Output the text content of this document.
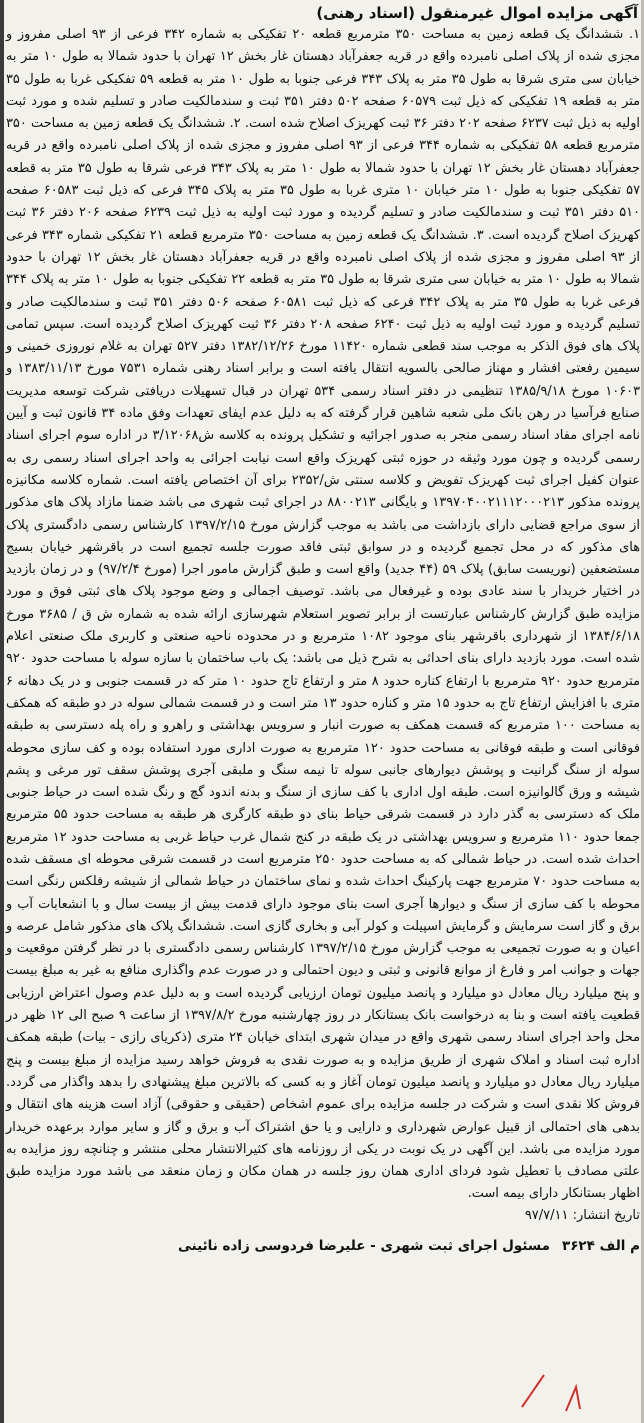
آگهی مزایده اموال غیرمنقول (اسناد رهنی)

۱. ششدانگ یک قطعه زمین به مساحت ۳۵۰ مترمربع قطعه ۲۰ تفکیکی به شماره ۳۴۲ فرعی از ۹۳ اصلی مفروز و مجزی شده از پلاک اصلی نامبرده واقع در قریه جعفرآباد دهستان غار بخش ۱۲ تهران با حدود شمالا به طول ۱۰ متر به خیابان سی متری شرقا به طول ۳۵ متر به پلاک ۳۴۳ فرعی جنوبا به طول ۱۰ متر به قطعه ۵۹ تفکیکی غربا به طول ۳۵ متر به قطعه ۱۹ تفکیکی که ذیل ثبت ۶۰۵۷۹ صفحه ۵۰۲ دفتر ۳۵۱ ثبت و سندمالکیت صادر و تسلیم شده و مورد ثبت اولیه به ذیل ثبت ۶۲۳۷ صفحه ۲۰۲ دفتر ۳۶ ثبت کهریزک اصلاح شده است. ۲. ششدانگ یک قطعه زمین به مساحت ۳۵۰ مترمربع قطعه ۵۸ تفکیکی به شماره ۳۴۴ فرعی از ۹۳ اصلی مفروز و مجزی شده از پلاک اصلی نامبرده واقع در قریه جعفرآباد دهستان غار بخش ۱۲ تهران با حدود شمالا به طول ۱۰ متر به پلاک ۳۴۳ فرعی شرقا به طول ۳۵ متر به قطعه ۵۷ تفکیکی جنوبا به طول ۱۰ متر خیابان ۱۰ متری غربا به طول ۳۵ متر به پلاک ۳۴۵ فرعی که ذیل ثبت ۶۰۵۸۳ صفحه ۵۱۰ دفتر ۳۵۱ ثبت و سندمالکیت صادر و تسلیم گردیده و مورد ثبت اولیه به ذیل ثبت ۶۲۳۹ صفحه ۲۰۶ دفتر ۳۶ ثبت کهریزک اصلاح گردیده است. ۳. ششدانگ یک قطعه زمین به مساحت ۳۵۰ مترمربع قطعه ۲۱ تفکیکی شماره ۳۴۳ فرعی از ۹۳ اصلی مفروز و مجزی شده از پلاک اصلی نامبرده واقع در قریه جعفرآباد دهستان غار بخش ۱۲ تهران با حدود شمالا به طول ۱۰ متر به خیابان سی متری شرقا به طول ۳۵ متر به قطعه ۲۲ تفکیکی جنوبا به طول ۱۰ متر به پلاک ۳۴۴ فرعی غربا به طول ۳۵ متر به پلاک ۳۴۲ فرعی که ذیل ثبت ۶۰۵۸۱ صفحه ۵۰۶ دفتر ۳۵۱ ثبت و سندمالکیت صادر و تسلیم گردیده و مورد ثبت اولیه به ذیل ثبت ۶۲۴۰ صفحه ۲۰۸ دفتر ۳۶ ثبت کهریزک اصلاح گردیده است. سپس تمامی پلاک های فوق الذکر به موجب سند قطعی شماره ۱۱۴۲۰ مورخ ۱۳۸۲/۱۲/۲۶ دفتر ۵۲۷ تهران به غلام نوروزی خمینی و سیمین رفعتی افشار و مهناز صالحی بالسویه انتقال یافته است و برابر اسناد رهنی شماره ۷۵۳۱ مورخ ۱۳۸۳/۱۱/۱۳ و ۱۰۶۰۳ مورخ ۱۳۸۵/۹/۱۸ تنظیمی در دفتر اسناد رسمی ۵۳۴ تهران در قبال تسهیلات دریافتی شرکت توسعه مدیریت صنایع فرآسیا در رهن بانک ملی شعبه شاهین قرار گرفته که به دلیل عدم ایفای تعهدات وفق ماده ۳۴ قانون ثبت و آیین نامه اجرای مفاد اسناد رسمی منجر به صدور اجرائیه و تشکیل پرونده به کلاسه ش۳/۱۲۰۶۸ در اداره سوم اجرای اسناد رسمی گردیده و چون مورد وثیقه در حوزه ثبتی کهریزک واقع است نیابت اجرائی به واحد اجرای اسناد رسمی ری به عنوان کفیل اجرای ثبت کهریزک تفویض و کلاسه سنتی ش/۲۳۵۲ برای آن اختصاص یافته است. شماره کلاسه مکانیزه پرونده مذکور ۱۳۹۷۰۴۰۰۲۱۱۱۲۰۰۰۲۱۳ و بایگانی ۸۸۰۰۲۱۳ در اجرای ثبت شهری می باشد ضمنا مازاد پلاک های مذکور از سوی مراجع قضایی دارای بازداشت می باشد به موجب گزارش مورخ ۱۳۹۷/۲/۱۵ کارشناس رسمی دادگستری پلاک های مذکور که در محل تجمیع گردیده و در سوابق ثبتی فاقد صورت جلسه تجمیع است در باقرشهر خیابان بسیج مستضعفین (نوریست سابق) پلاک ۵۹ (۴۴ جدید) واقع است و طبق گزارش مامور اجرا (مورخ ۹۷/۲/۴) و در زمان بازدید در اختیار خریدار با سند عادی بوده و غیرفعال می باشد. توصیف اجمالی و وضع موجود پلاک های ثبتی فوق و مورد مزایده طبق گزارش کارشناس عبارتست از برابر تصویر استعلام شهرسازی ارائه شده به شماره ش ق / ۳۶۸۵ مورخ ۱۳۸۴/۶/۱۸ از شهرداری باقرشهر بنای موجود ۱۰۸۲ مترمربع و در محدوده ناحیه صنعتی و کاربری ملک صنعتی اعلام شده است. مورد بازدید دارای بنای احداثی به شرح ذیل می باشد: یک باب ساختمان با سازه سوله با مساحت حدود ۹۲۰ مترمربع حدود ۹۲۰ مترمربع با ارتفاع کناره حدود ۸ متر و ارتفاع تاج حدود ۱۰ متر که در قسمت جنوبی و در یک دهانه ۶ متری با افزایش ارتفاع تاج به حدود ۱۵ متر و کناره حدود ۱۳ متر است و در قسمت شمالی سوله در دو طبقه که همکف به مساحت ۱۰۰ مترمربع که قسمت همکف به صورت انبار و سرویس بهداشتی و راهرو و راه پله دسترسی به طبقه فوقانی است و طبقه فوقانی به مساحت حدود ۱۲۰ مترمربع به صورت اداری مورد استفاده بوده و کف سازی محوطه سوله از سنگ گرانیت و پوشش دیوارهای جانبی سوله تا نیمه سنگ و ملبقی آجری پوشش سقف تور مرغی و پشم شیشه و ورق گالوانیزه است. طبقه اول اداری با کف سازی از سنگ و بدنه اندود گچ و رنگ شده است در حیاط جنوبی ملک که دسترسی به گذر دارد در قسمت شرقی حیاط بنای دو طبقه کارگری هر طبقه به مساحت حدود ۵۵ مترمربع جمعا حدود ۱۱۰ مترمربع و سرویس بهداشتی در یک طبقه در کنج شمال غرب حیاط غربی به مساحت حدود ۱۲ مترمربع احداث شده است. در حیاط شمالی که به مساحت حدود ۲۵۰ مترمربع است در قسمت شرقی محوطه ای مسقف شده به مساحت حدود ۷۰ مترمربع جهت پارکینگ احداث شده و نمای ساختمان در حیاط شمالی از شیشه رفلکس رنگی است محوطه با کف سازی از سنگ و دیوارها آجری است بنای موجود دارای قدمت بیش از بیست سال و با انشعابات آب و برق و گاز است سرمایش و گرمایش اسپیلت و کولر آبی و بخاری گازی است. ششدانگ پلاک های مذکور شامل عرصه و اعیان و به صورت تجمیعی به موجب گزارش مورخ ۱۳۹۷/۲/۱۵ کارشناس رسمی دادگستری با در نظر گرفتن موقعیت و جهات و جوانب امر و فارغ از موانع قانونی و ثبتی و دیون احتمالی و در صورت عدم واگذاری منافع به غیر به مبلغ بیست و پنج میلیارد ریال معادل دو میلیارد و پانصد میلیون تومان ارزیابی گردیده است و به دلیل عدم وصول اعتراض ارزیابی قطعیت یافته است و بنا به درخواست بانک بستانکار در روز چهارشنبه مورخ ۱۳۹۷/۸/۲ از ساعت ۹ صبح الی ۱۲ ظهر در محل واحد اجرای اسناد رسمی شهری واقع در میدان شهری ابتدای خیابان ۲۴ متری (ذکریای رازی - بیات) طبقه همکف اداره ثبت اسناد و املاک شهری از طریق مزایده و به صورت نقدی به فروش خواهد رسید مزایده از مبلغ بیست و پنج میلیارد ریال معادل دو میلیارد و پانصد میلیون تومان آغاز و به کسی که بالاترین مبلغ پیشنهادی را بدهد واگذار می گردد. فروش کلا نقدی است و شرکت در جلسه مزایده برای عموم اشخاص (حقیقی و حقوقی) آزاد است هزینه های انتقال و بدهی های احتمالی از قبیل عوارض شهرداری و دارایی و یا حق اشتراک آب و برق و گاز و سایر موارد برعهده خریدار مورد مزایده می باشد. این آگهی در یک نوبت در یکی از روزنامه های کثیرالانتشار محلی منتشر و چنانچه روز مزایده به علتی مصادف با تعطیل شود فردای اداری همان روز جلسه در همان مکان و زمان منعقد می باشد مورد مزایده طبق اظهار بستانکار دارای بیمه است.

تاریخ انتشار: ۹۷/۷/۱۱

م الف ۳۶۲۴
مسئول اجرای ثبت شهری - علیرضا فردوسی زاده نائینی
